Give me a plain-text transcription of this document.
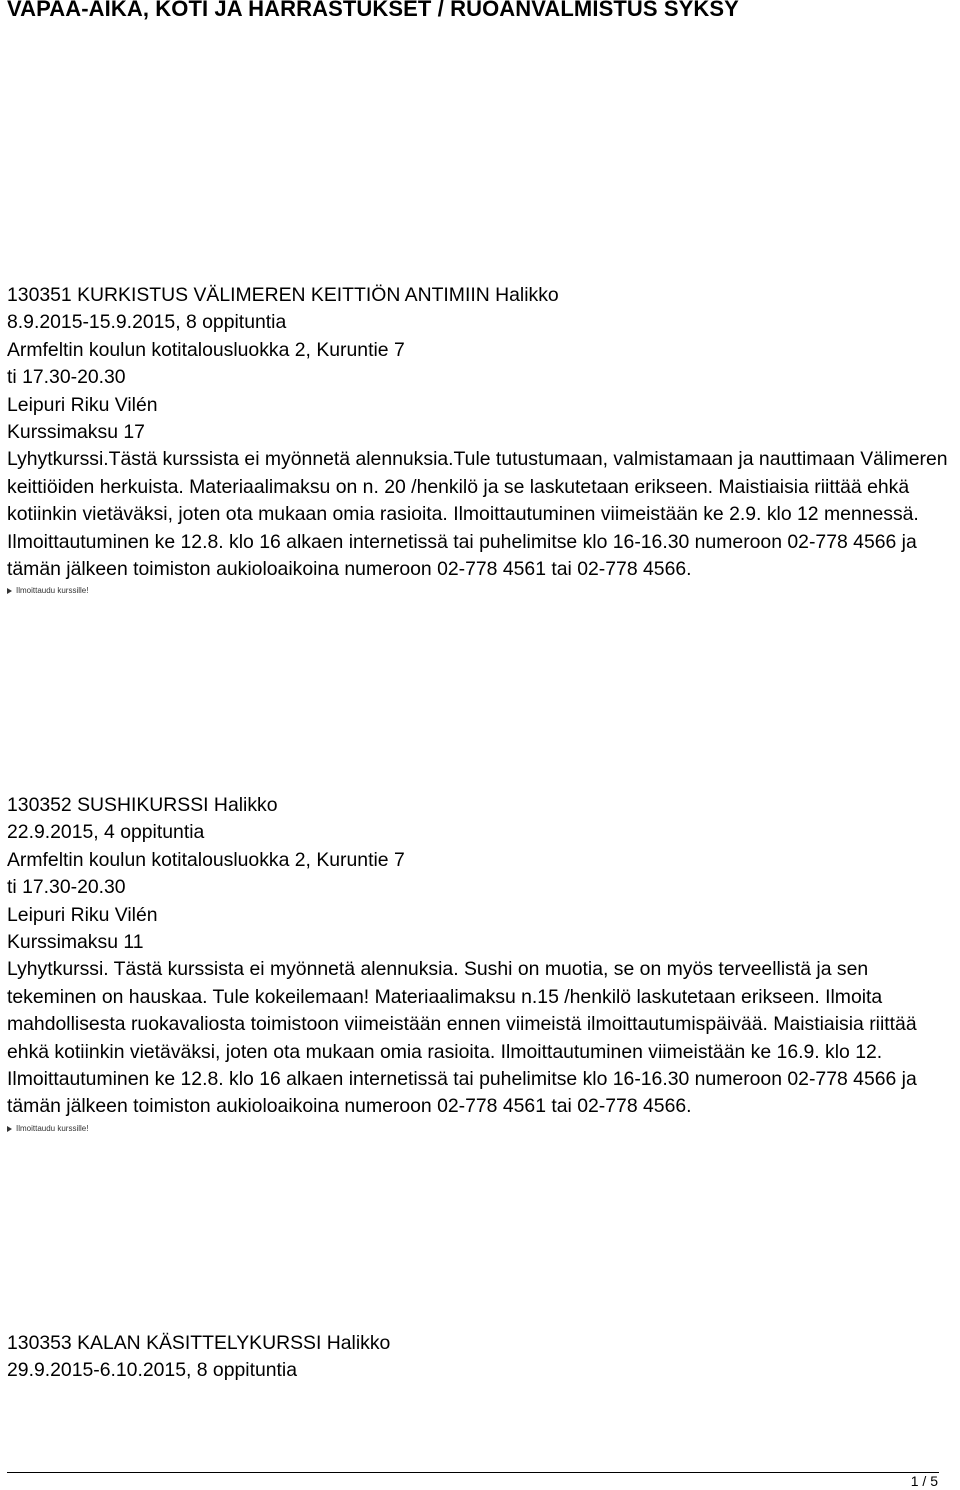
VAPAA-AIKA, KOTI JA HARRASTUKSET / RUOANVALMISTUS SYKSY
130351 KURKISTUS VÄLIMEREN KEITTIÖN ANTIMIIN Halikko
8.9.2015-15.9.2015, 8 oppituntia
Armfeltin koulun kotitalousluokka 2, Kuruntie 7
ti 17.30-20.30
Leipuri Riku Vilén
Kurssimaksu 17
Lyhytkurssi.Tästä kurssista ei myönnetä alennuksia.Tule tutustumaan, valmistamaan ja nauttimaan Välimeren keittiöiden herkuista. Materiaalimaksu on n. 20 /henkilö ja se laskutetaan erikseen. Maistiaisia riittää ehkä kotiinkin vietäväksi, joten ota mukaan omia rasioita. Ilmoittautuminen viimeistään ke 2.9. klo 12 mennessä. Ilmoittautuminen ke 12.8. klo 16 alkaen internetissä tai puhelimitse klo 16-16.30 numeroon 02-778 4566 ja tämän jälkeen toimiston aukioloaikoina numeroon 02-778 4561 tai 02-778 4566.
Ilmoittaudu kurssille!
130352 SUSHIKURSSI Halikko
22.9.2015, 4 oppituntia
Armfeltin koulun kotitalousluokka 2, Kuruntie 7
ti 17.30-20.30
Leipuri Riku Vilén
Kurssimaksu 11
Lyhytkurssi. Tästä kurssista ei myönnetä alennuksia. Sushi on muotia, se on myös terveellistä ja sen tekeminen on hauskaa. Tule kokeilemaan! Materiaalimaksu n.15 /henkilö laskutetaan erikseen. Ilmoita mahdollisesta ruokavaliosta toimistoon viimeistään ennen viimeistä ilmoittautumispäivää. Maistiaisia riittää ehkä kotiinkin vietäväksi, joten ota mukaan omia rasioita. Ilmoittautuminen viimeistään ke 16.9. klo 12. Ilmoittautuminen ke 12.8. klo 16 alkaen internetissä tai puhelimitse klo 16-16.30 numeroon 02-778 4566 ja tämän jälkeen toimiston aukioloaikoina numeroon 02-778 4561 tai 02-778 4566.
Ilmoittaudu kurssille!
130353 KALAN KÄSITTELYKURSSI Halikko
29.9.2015-6.10.2015, 8 oppituntia
1 / 5
